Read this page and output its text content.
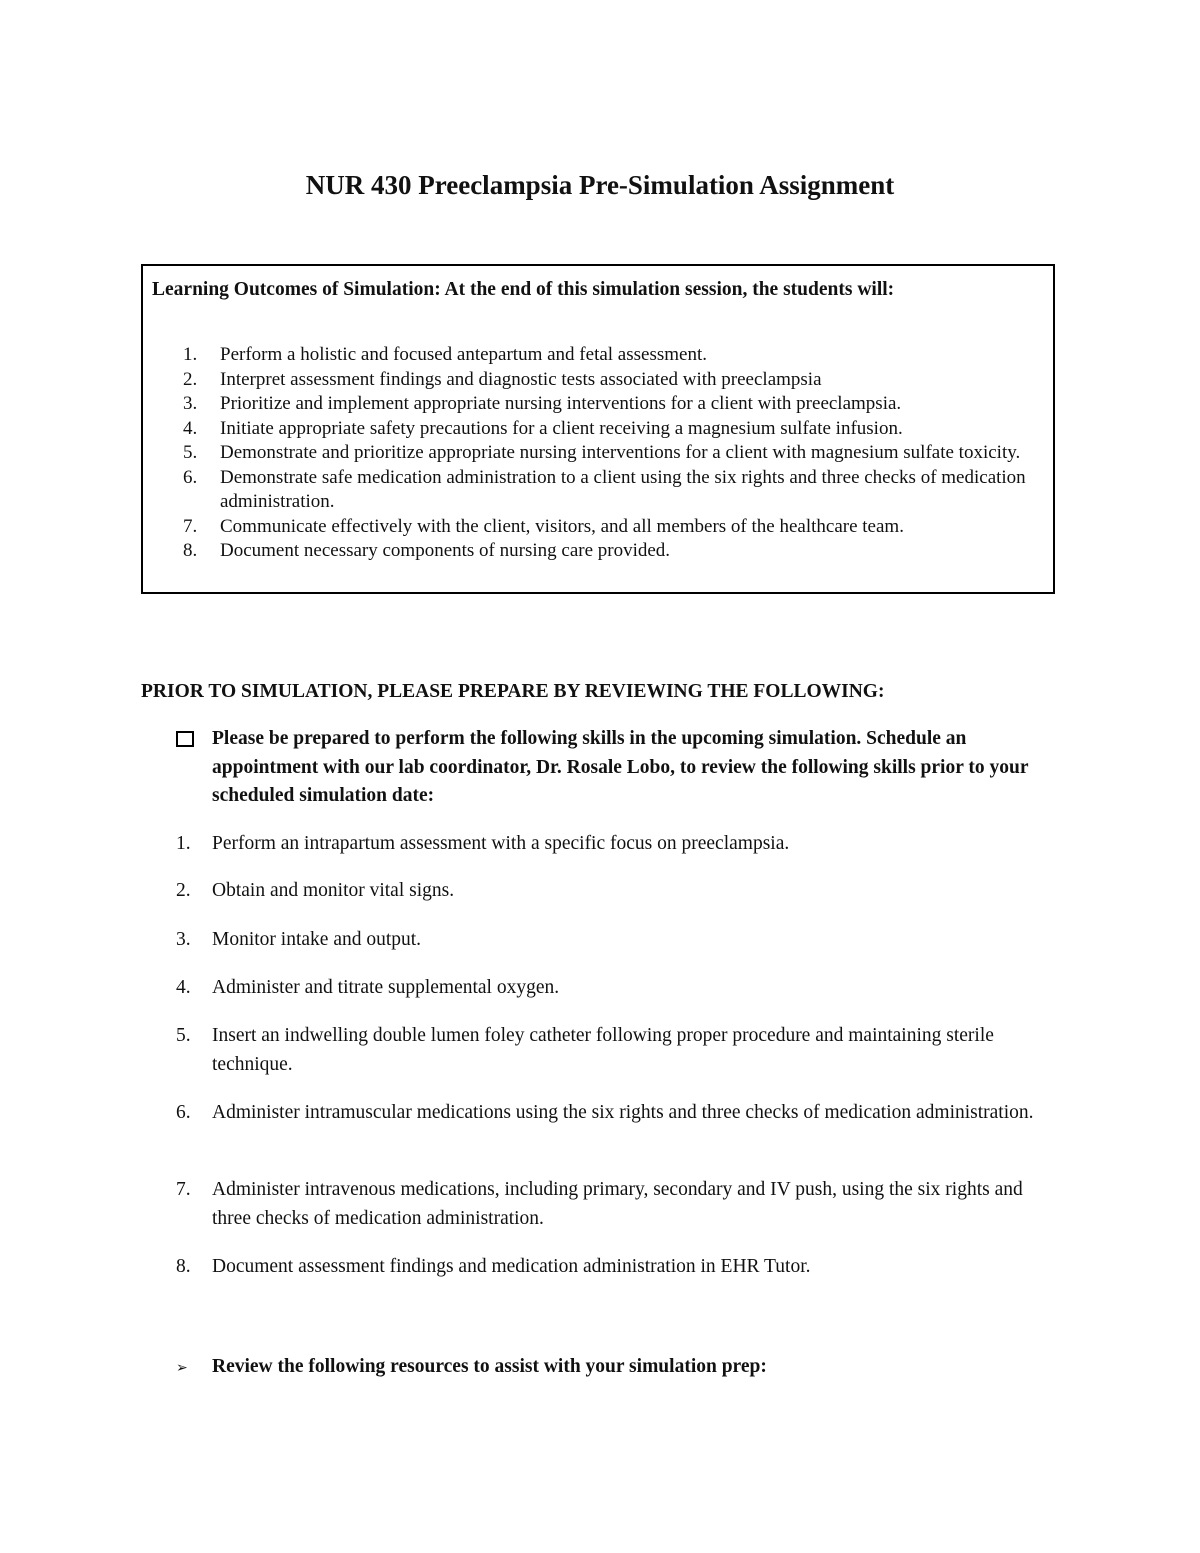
NUR 430 Preeclampsia Pre-Simulation Assignment
Learning Outcomes of Simulation: At the end of this simulation session, the students will:
1.	Perform a holistic and focused antepartum and fetal assessment.
2.	Interpret assessment findings and diagnostic tests associated with preeclampsia
3.	Prioritize and implement appropriate nursing interventions for a client with preeclampsia.
4.	Initiate appropriate safety precautions for a client receiving a magnesium sulfate infusion.
5.	Demonstrate and prioritize appropriate nursing interventions for a client with magnesium sulfate toxicity.
6.	Demonstrate safe medication administration to a client using the six rights and three checks of medication administration.
7.	Communicate effectively with the client, visitors, and all members of the healthcare team.
8.	Document necessary components of nursing care provided.
PRIOR TO SIMULATION, PLEASE PREPARE BY REVIEWING THE FOLLOWING:
Please be prepared to perform the following skills in the upcoming simulation. Schedule an appointment with our lab coordinator, Dr. Rosale Lobo, to review the following skills prior to your scheduled simulation date:
1. Perform an intrapartum assessment with a specific focus on preeclampsia.
2. Obtain and monitor vital signs.
3. Monitor intake and output.
4. Administer and titrate supplemental oxygen.
5. Insert an indwelling double lumen foley catheter following proper procedure and maintaining sterile technique.
6. Administer intramuscular medications using the six rights and three checks of medication administration.
7. Administer intravenous medications, including primary, secondary and IV push, using the six rights and three checks of medication administration.
8. Document assessment findings and medication administration in EHR Tutor.
➢ Review the following resources to assist with your simulation prep:
